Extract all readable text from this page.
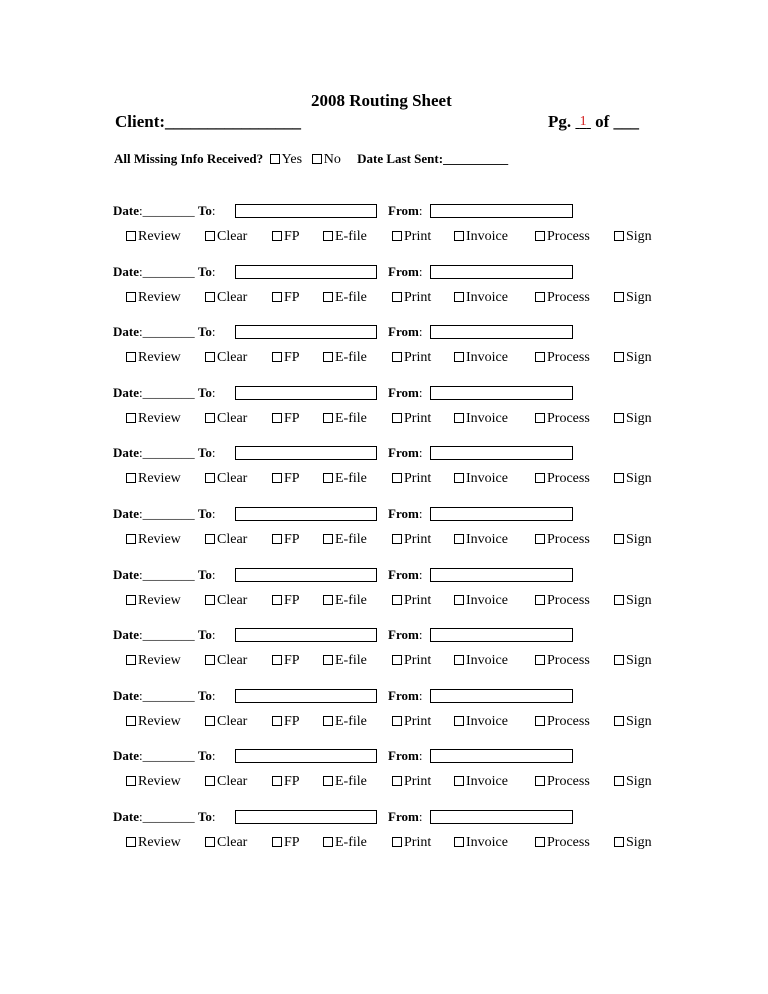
2008 Routing Sheet
Client:________________	Pg. 1 of ___
All Missing Info Received? Yes No Date Last Sent:__________
Date:________ To:	From:
Review	Clear	FP	E-file	Print	Invoice	Process	Sign
Date:________ To:	From:
Review	Clear	FP	E-file	Print	Invoice	Process	Sign
Date:________ To:	From:
Review	Clear	FP	E-file	Print	Invoice	Process	Sign
Date:________ To:	From:
Review	Clear	FP	E-file	Print	Invoice	Process	Sign
Date:________ To:	From:
Review	Clear	FP	E-file	Print	Invoice	Process	Sign
Date:________ To:	From:
Review	Clear	FP	E-file	Print	Invoice	Process	Sign
Date:________ To:	From:
Review	Clear	FP	E-file	Print	Invoice	Process	Sign
Date:________ To:	From:
Review	Clear	FP	E-file	Print	Invoice	Process	Sign
Date:________ To:	From:
Review	Clear	FP	E-file	Print	Invoice	Process	Sign
Date:________ To:	From:
Review	Clear	FP	E-file	Print	Invoice	Process	Sign
Date:________ To:	From:
Review	Clear	FP	E-file	Print	Invoice	Process	Sign
